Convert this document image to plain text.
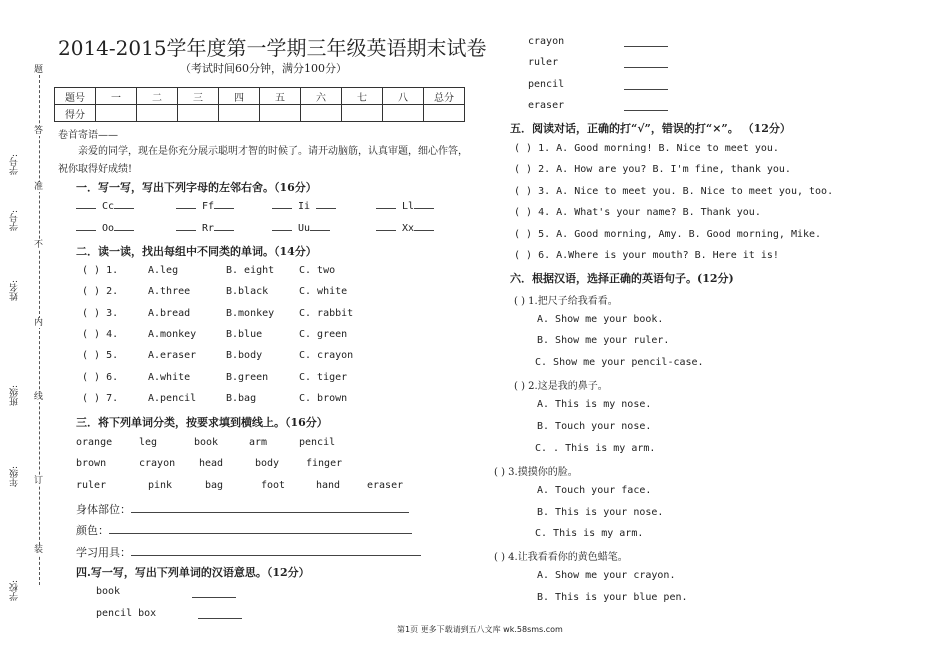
学号:
学号:
姓名:
班级:
年级:
学校:
题
答
准
不
内
线
订
装
2014-2015学年度第一学期三年级英语期末试卷
（考试时间60分钟，满分100分）
题号	一	二	三	四	五	六	七	八	总分
得分									
卷首寄语——
亲爱的同学，现在是你充分展示聪明才智的时候了。请开动脑筋，认真审题，细心作答，
祝你取得好成绩!
一．写一写，写出下列字母的左邻右舍。（16分）
Cc	Ff	Ii	Ll
Oo	Rr	Uu	Xx
二．读一读，找出每组中不同类的单词。（14分）
( ) 1.	A.leg	B. eight C. two
( ) 2.	A.three	B.black	C. white
( ) 3.	A.bread	B.monkey C. rabbit
( ) 4.	A.monkey	B.blue	C. green
( ) 5.	A.eraser	B.body	C. crayon
( ) 6.	A.white	B.green	C. tiger
( ) 7.	A.pencil	B.bag	C. brown
三．将下列单词分类，按要求填到横线上。（16分）
orange	leg	book	arm	pencil
brown	crayon head	body	finger
ruler	pink	bag	foot	hand	eraser
身体部位：
颜色：
学习用具：
四.写一写，写出下列单词的汉语意思。（12分）
book
pencil box
crayon
ruler
pencil
eraser
五．阅读对话，正确的打“√”，错误的打“×”。 （12分）
( ) 1. A. Good morning! B. Nice to meet you.
( ) 2. A. How are you? B. I'm fine, thank you.
( ) 3. A. Nice to meet you. B. Nice to meet you, too.
( ) 4. A. What's your name? B. Thank you.
( ) 5. A. Good morning, Amy. B. Good morning, Mike.
( ) 6. A.Where is your mouth? B. Here it is!
六．根据汉语，选择正确的英语句子。(12分)
( ) 1.把尺子给我看看。
A. Show me your book.
B. Show me your ruler.
C. Show me your pencil-case.
( ) 2.这是我的鼻子。
A. This is my nose.
B. Touch your nose.
C. . This is my arm.
( ) 3.摸摸你的脸。
A. Touch your face.
B. This is your nose.
C. This is my arm.
( ) 4.让我看看你的黄色蜡笔。
A. Show me your crayon.
B. This is your blue pen.
第1页 更多下载请到五八文库 wk.58sms.com
